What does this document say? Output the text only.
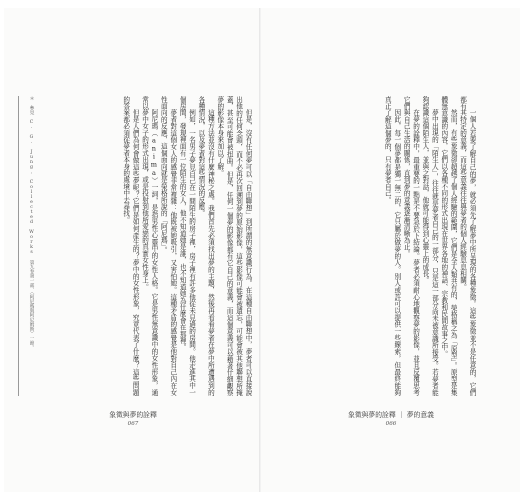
＊ 參見 C. G. Jung, Collected Works 第九卷第一部，〈阿尼瑪與阿尼姆斯〉一節。	但是，沒有任何夢可以「自由聯想」到所謂的無意識行為。在這種自由聯想中，夢者可以直接說出他的任何念頭，而不必再次回溯到夢的原始影像，這些影像可能會被遺忘，可能會被其他聯想所掩蓋，甚至可能會被扭曲。但是，任何一個夢的影像都有它自己的意義，而這個意義可以藉著仔細觀察夢的影像本身來加以了解。

這種方法並沒有什麼神秘之處。我們首先必須找出夢的主題，然後再看看夢者在夢中所遭遇到的各種情況，以及夢者對這些情況的反應。

例如，一名男子夢見自己在一間陌生的房子裡，房子裡有許多他從未見過的房間。他走進其中一個房間，發現裡面有一位陌生的女人，他不知道她是誰，也不知道她為什麼會在那裡。

夢者對這個女人的感覺非常複雜：他既被她吸引，又害怕她。這種矛盾的感覺是他對自己內在女性面向的反應，這個面向就是榮格所說的「阿尼瑪」。

阿尼瑪（anima）一詞，是指男性心靈中的女性人格。它是男性無意識中的女性形象，通常以夢中女子的形式出現，或是投射到他所愛戀的真實女性身上。

但是人們為何會做這些夢呢？它們是如何產生的？夢中的女性形象，究竟代表了什麼？這些問題的答案都必須從夢者本身的處境中去尋找。

象徵與夢的詮釋
067

一個人若要了解自己的夢，就必須先了解夢中所呈現的各種象徵。這些象徵並不是任意的，它們都有其特定的意義，而這些意義往往與夢者的個人經驗息息相關。

然而，有些象徵卻超越了個人經驗的範圍，它們是全人類共有的，榮格稱之為「原型」。原型是集體無意識的內容，它們以各種不同的形式出現在世界各地的神話、宗教和民間故事之中。

夢中出現的「陌生人」，往往就是夢者自己的一部分，只是這一部分尚未被意識所接受。若夢者能夠認識這個陌生人，並與之對話，他就可能得到心靈上的成長。

在夢的詮釋中，最重要的一點是不要急於下結論。夢者必須耐心地觀察夢的影像，並且反覆思考它們與自己生活的關係，直到夢的意義逐漸清晰為止。

因此，每一個夢都是獨一無二的，它只屬於做夢的人。別人或許可以提供一些線索，但最終能夠真正了解這個夢的，只有夢者自己。

象徵與夢的詮釋 ｜ 夢的意義
066
